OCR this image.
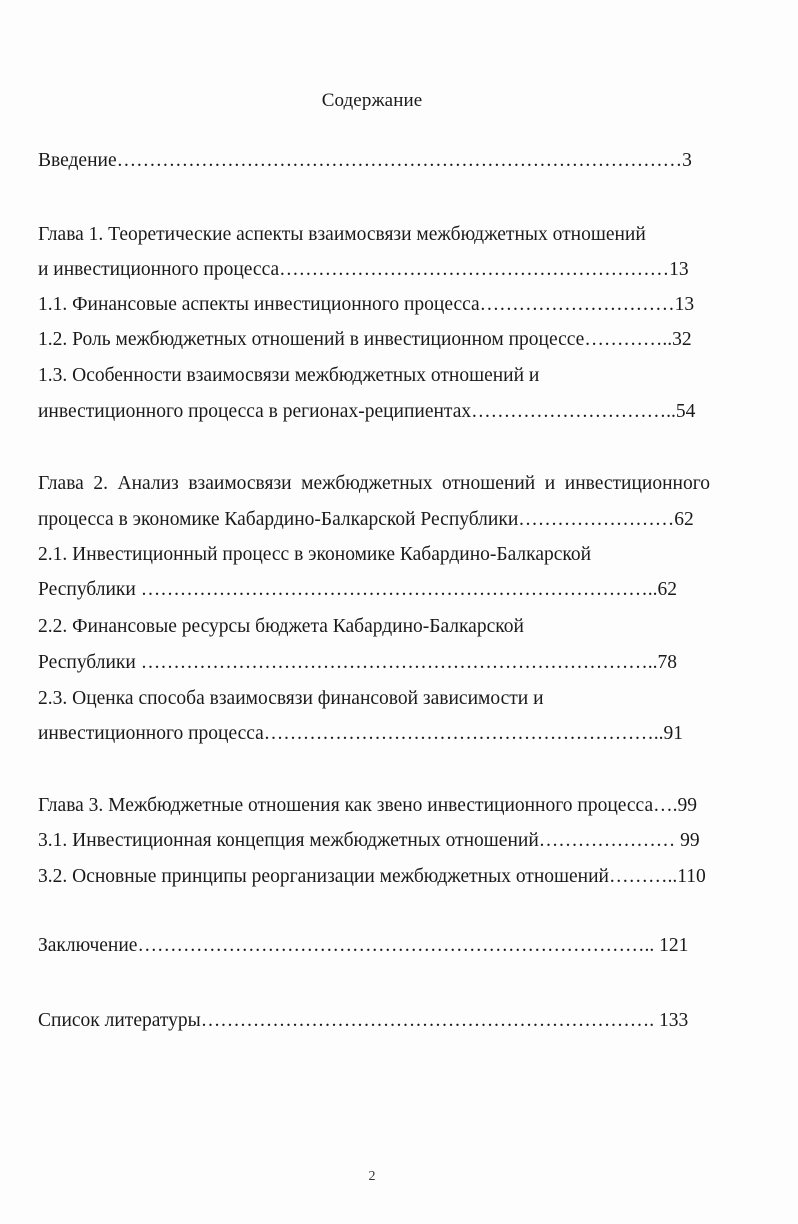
Содержание
Введение……………………………………………………………………………3
Глава 1. Теоретические аспекты взаимосвязи межбюджетных отношений
и инвестиционного процесса……………………………………………………13
1.1. Финансовые аспекты инвестиционного процесса…………………………13
1.2. Роль межбюджетных отношений в инвестиционном процессе…………..32
1.3. Особенности взаимосвязи межбюджетных отношений и
инвестиционного процесса в регионах-реципиентах…………………………..54
Глава 2. Анализ взаимосвязи межбюджетных отношений и инвестиционного
процесса в экономике Кабардино-Балкарской Республики……………………62
2.1. Инвестиционный процесс в экономике Кабардино-Балкарской
Республики ……………………………………………………………………..62
2.2. Финансовые ресурсы бюджета Кабардино-Балкарской
Республики ……………………………………………………………………..78
2.3. Оценка способа взаимосвязи финансовой зависимости и
инвестиционного процесса……………………………………………………..91
Глава 3. Межбюджетные отношения как звено инвестиционного процесса….99
3.1. Инвестиционная концепция межбюджетных отношений………………… 99
3.2. Основные принципы реорганизации межбюджетных отношений………..110
Заключение…………………………………………………………………….. 121
Список литературы……………………………………………………………. 133
2
